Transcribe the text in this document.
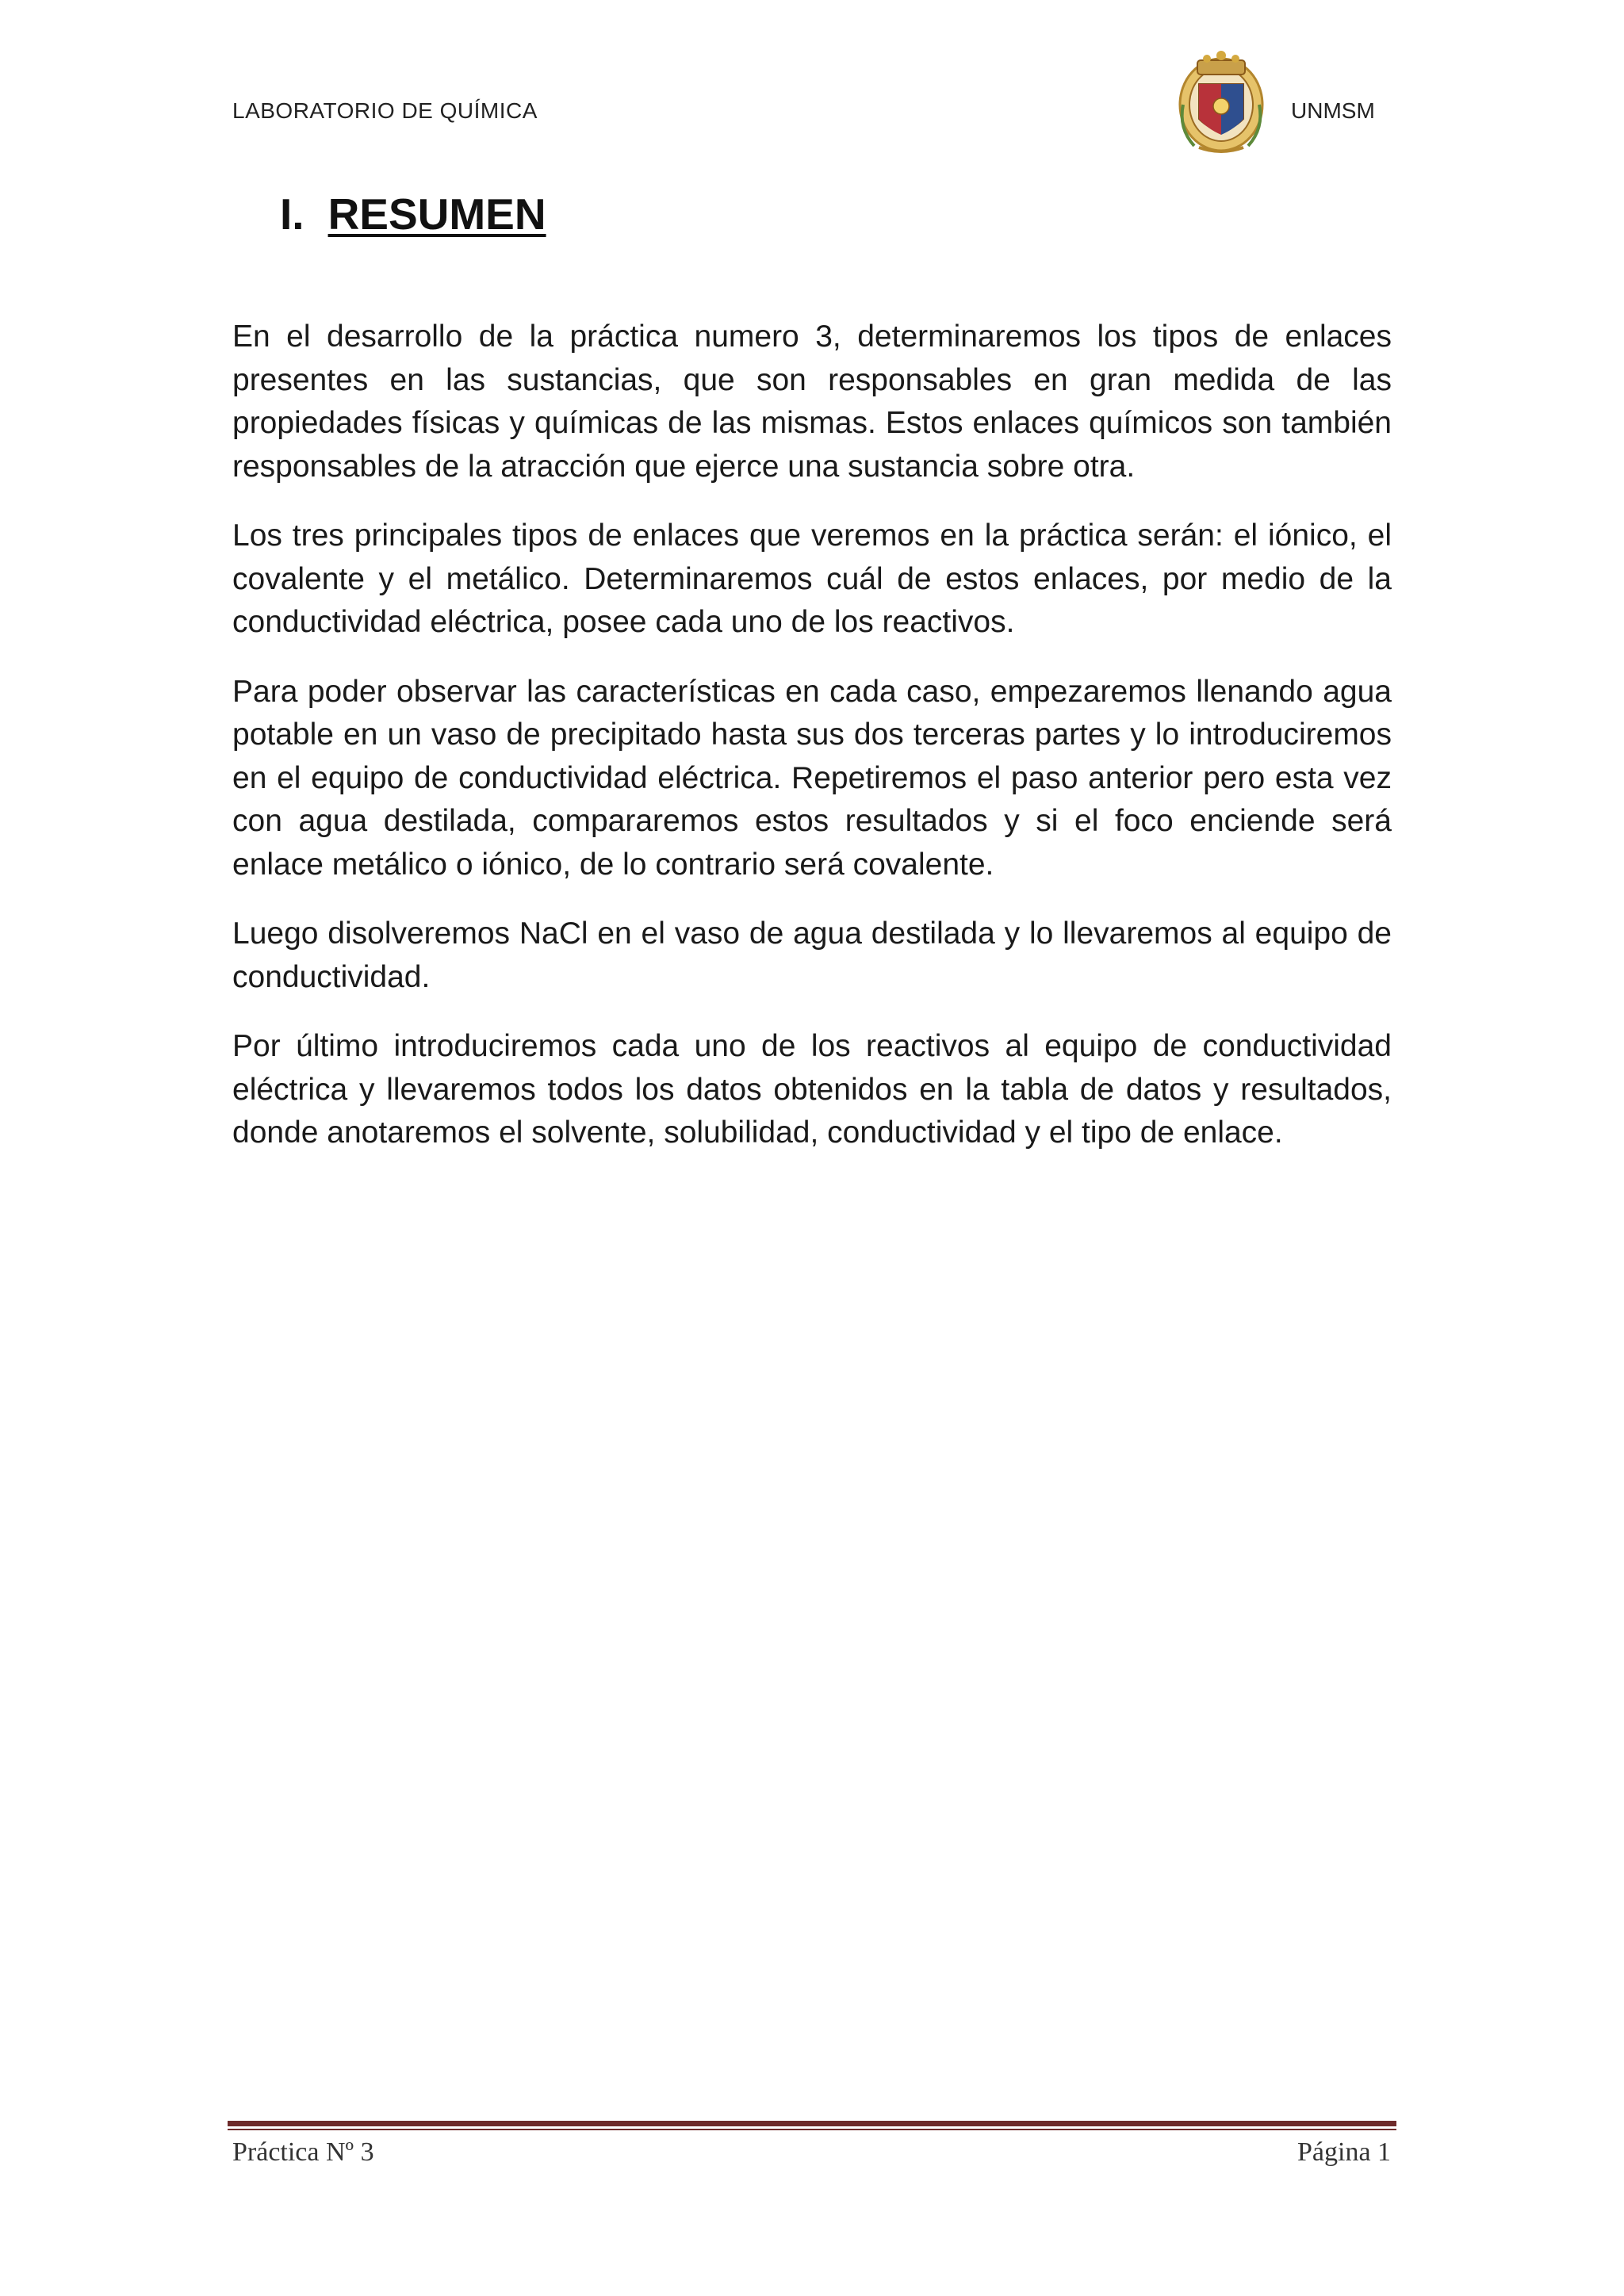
LABORATORIO DE QUÍMICA	UNMSM
I. RESUMEN

En el desarrollo de la práctica numero 3, determinaremos los tipos de enlaces presentes en las sustancias, que son responsables en gran medida de las propiedades físicas y químicas de las mismas. Estos enlaces químicos son también responsables de la atracción que ejerce una sustancia sobre otra.

Los tres principales tipos de enlaces que veremos en la práctica serán: el iónico, el covalente y el metálico. Determinaremos cuál de estos enlaces, por medio de la conductividad eléctrica, posee cada uno de los reactivos.

Para poder observar las características en cada caso, empezaremos llenando agua potable en un vaso de precipitado hasta sus dos terceras partes y lo introduciremos en el equipo de conductividad eléctrica. Repetiremos el paso anterior pero esta vez con agua destilada, compararemos estos resultados y si el foco enciende será enlace metálico o iónico, de lo contrario será covalente.

Luego disolveremos NaCl en el vaso de agua destilada y lo llevaremos al equipo de conductividad.

Por último introduciremos cada uno de los reactivos al equipo de conductividad eléctrica y llevaremos todos los datos obtenidos en la tabla de datos y resultados, donde anotaremos el solvente, solubilidad, conductividad y el tipo de enlace.

Práctica Nº 3	Página 1
